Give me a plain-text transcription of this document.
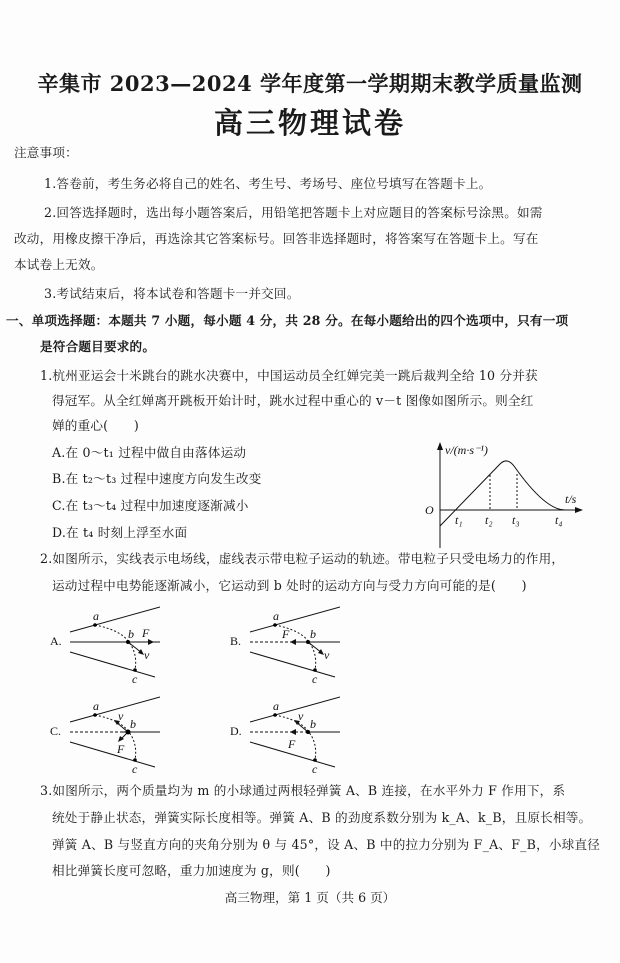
辛集市 2023—2024 学年度第一学期期末教学质量监测
高三物理试卷
注意事项：
1.答卷前，考生务必将自己的姓名、考生号、考场号、座位号填写在答题卡上。
2.回答选择题时，选出每小题答案后，用铅笔把答题卡上对应题目的答案标号涂黑。如需
改动，用橡皮擦干净后，再选涂其它答案标号。回答非选择题时，将答案写在答题卡上。写在
本试卷上无效。
3.考试结束后，将本试卷和答题卡一并交回。
一、单项选择题：本题共 7 小题，每小题 4 分，共 28 分。在每小题给出的四个选项中，只有一项
是符合题目要求的。
1.杭州亚运会十米跳台的跳水决赛中，中国运动员全红婵完美一跳后裁判全给 10 分并获
得冠军。从全红婵离开跳板开始计时，跳水过程中重心的 v－t 图像如图所示。则全红
婵的重心(　　)
A.在 0～t₁ 过程中做自由落体运动
B.在 t₂～t₃ 过程中速度方向发生改变
C.在 t₃～t₄ 过程中加速度逐渐减小
D.在 t₄ 时刻上浮至水面
v/(m·s⁻¹)
t/s
O
t₁ t₂ t₃	t₄
2.如图所示，实线表示电场线，虚线表示带电粒子运动的轨迹。带电粒子只受电场力的作用，
运动过程中电势能逐渐减小，它运动到 b 处时的运动方向与受力方向可能的是(　　)
A.
a
b F
v
c
B.
a
b
F
v
c
C.
a
b
v
F
c
D.
a
b
v
F
c
3.如图所示，两个质量均为 m 的小球通过两根轻弹簧 A、B 连接，在水平外力 F 作用下，系
统处于静止状态，弹簧实际长度相等。弹簧 A、B 的劲度系数分别为 k_A、k_B，且原长相等。
弹簧 A、B 与竖直方向的夹角分别为 θ 与 45°，设 A、B 中的拉力分别为 F_A、F_B，小球直径
相比弹簧长度可忽略，重力加速度为 g，则(　　)
高三物理，第 1 页（共 6 页）
